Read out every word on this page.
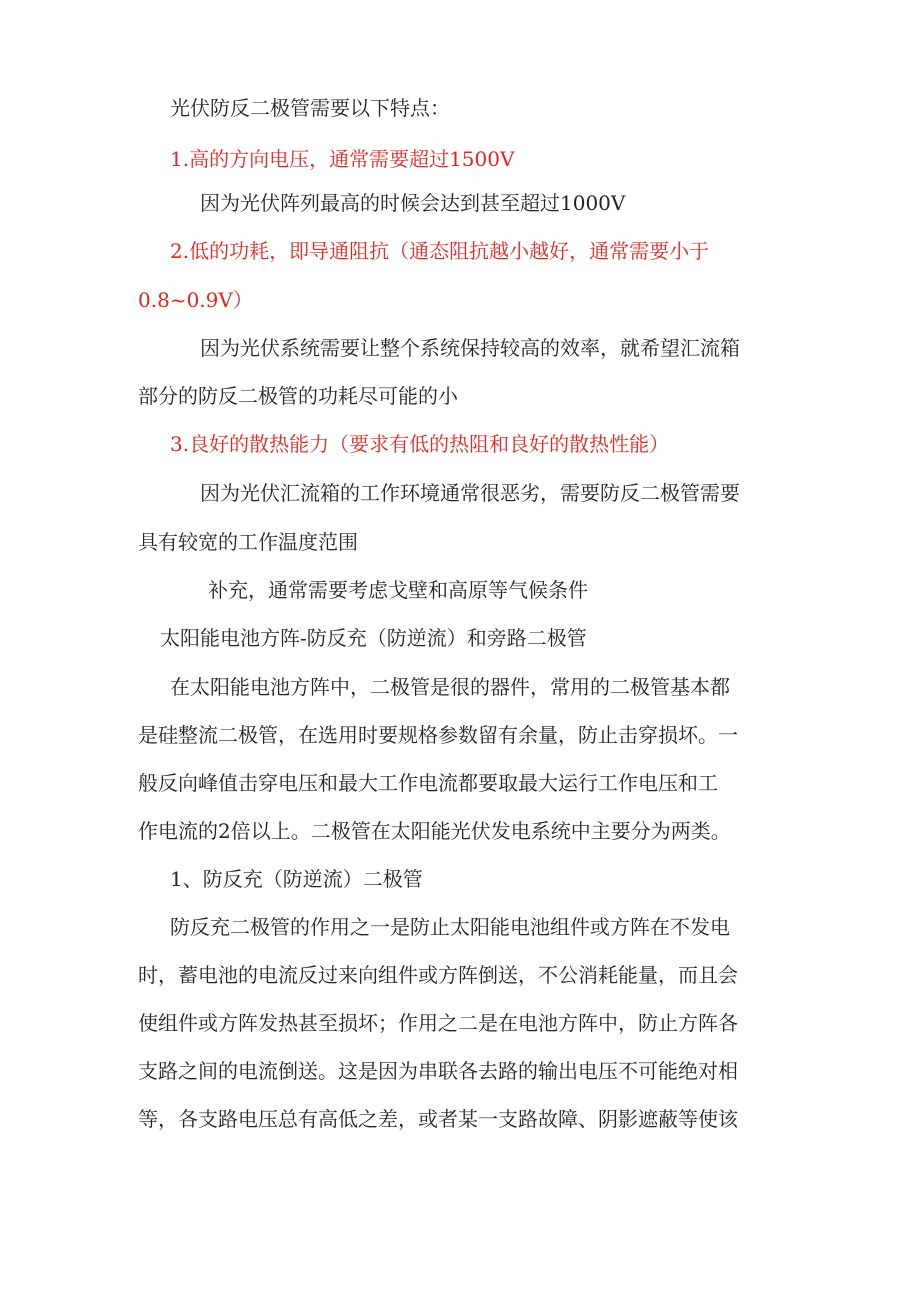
光伏防反二极管需要以下特点：
1.高的方向电压，通常需要超过1500V
因为光伏阵列最高的时候会达到甚至超过1000V
2.低的功耗，即导通阻抗（通态阻抗越小越好，通常需要小于
0.8~0.9V）
因为光伏系统需要让整个系统保持较高的效率，就希望汇流箱
部分的防反二极管的功耗尽可能的小
3.良好的散热能力（要求有低的热阻和良好的散热性能）
因为光伏汇流箱的工作环境通常很恶劣，需要防反二极管需要
具有较宽的工作温度范围
补充，通常需要考虑戈壁和高原等气候条件
太阳能电池方阵-防反充（防逆流）和旁路二极管
在太阳能电池方阵中，二极管是很的器件，常用的二极管基本都
是硅整流二极管，在选用时要规格参数留有余量，防止击穿损坏。一
般反向峰值击穿电压和最大工作电流都要取最大运行工作电压和工
作电流的2倍以上。二极管在太阳能光伏发电系统中主要分为两类。
1、防反充（防逆流）二极管
防反充二极管的作用之一是防止太阳能电池组件或方阵在不发电
时，蓄电池的电流反过来向组件或方阵倒送，不公消耗能量，而且会
使组件或方阵发热甚至损坏；作用之二是在电池方阵中，防止方阵各
支路之间的电流倒送。这是因为串联各去路的输出电压不可能绝对相
等，各支路电压总有高低之差，或者某一支路故障、阴影遮蔽等使该
